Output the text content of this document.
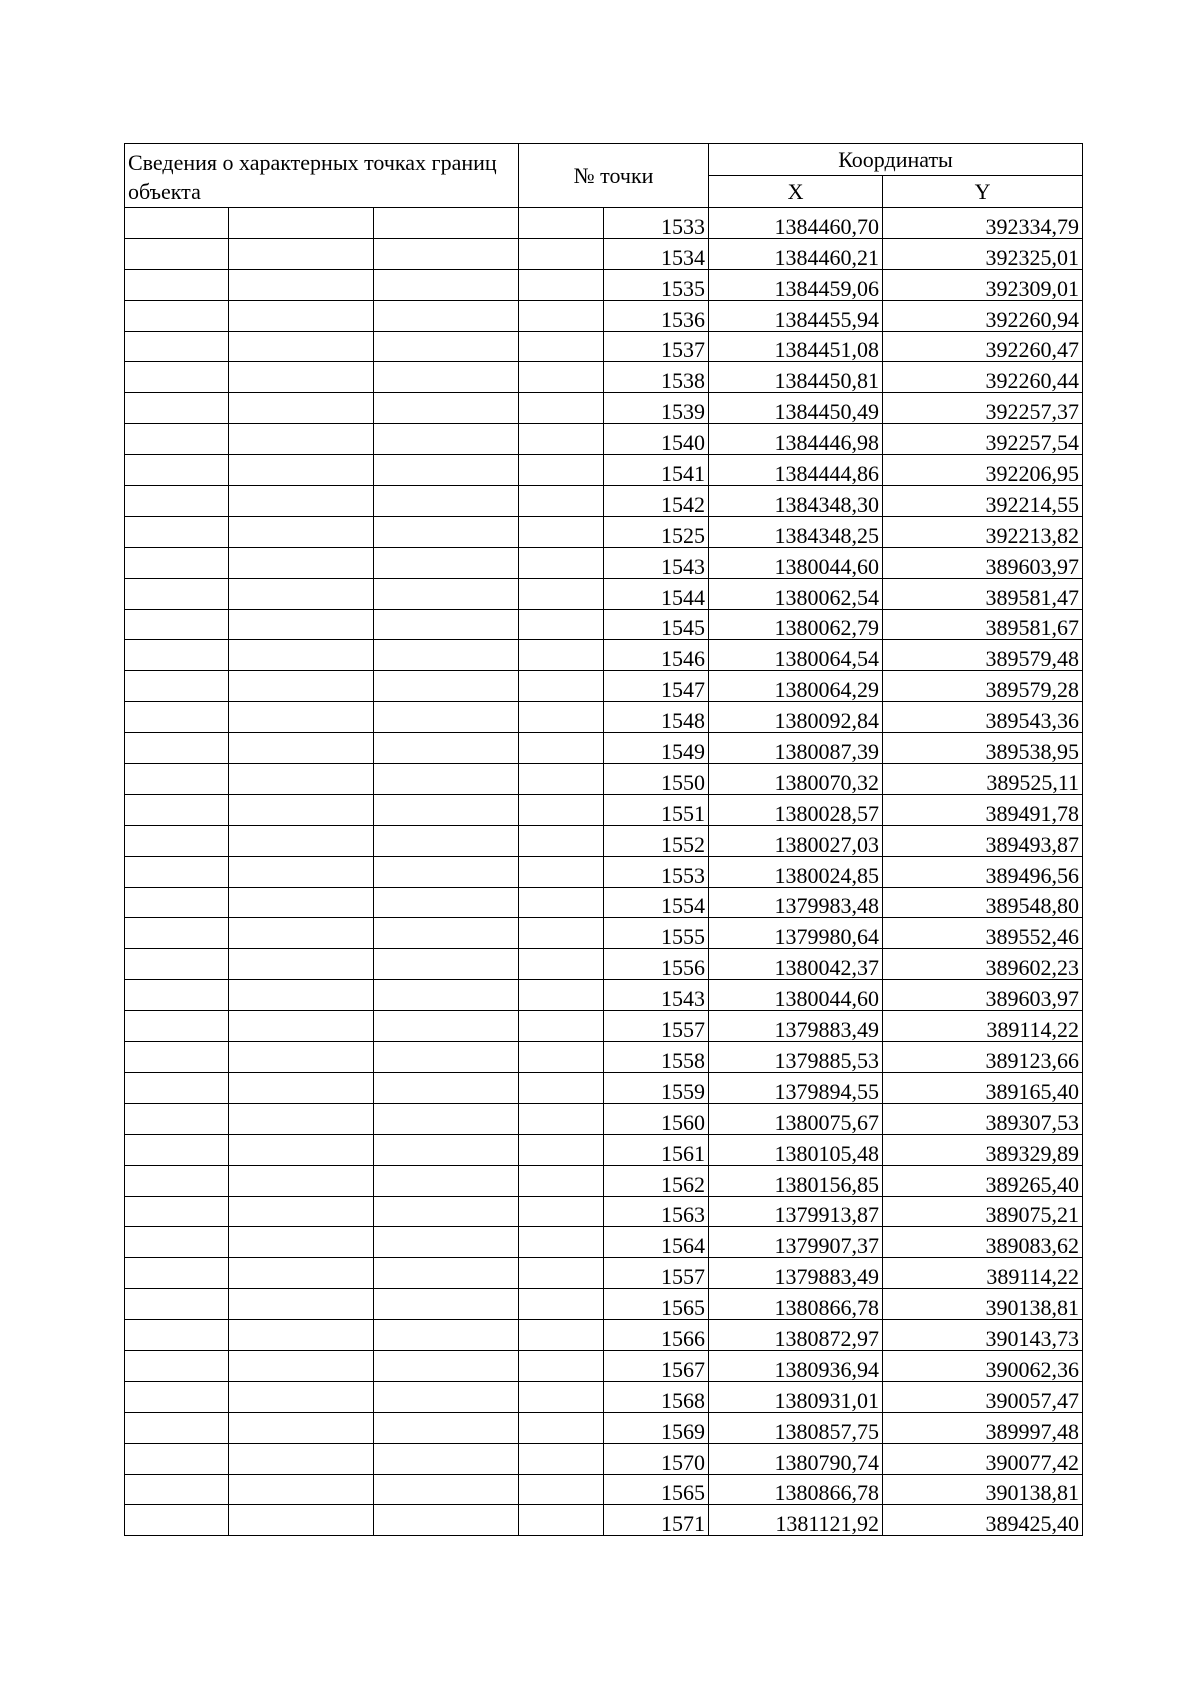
Сведения о характерных точках границ объекта			№ точки		Координаты	
					X	Y
				1533	1384460,70	392334,79
				1534	1384460,21	392325,01
				1535	1384459,06	392309,01
				1536	1384455,94	392260,94
				1537	1384451,08	392260,47
				1538	1384450,81	392260,44
				1539	1384450,49	392257,37
				1540	1384446,98	392257,54
				1541	1384444,86	392206,95
				1542	1384348,30	392214,55
				1525	1384348,25	392213,82
				1543	1380044,60	389603,97
				1544	1380062,54	389581,47
				1545	1380062,79	389581,67
				1546	1380064,54	389579,48
				1547	1380064,29	389579,28
				1548	1380092,84	389543,36
				1549	1380087,39	389538,95
				1550	1380070,32	389525,11
				1551	1380028,57	389491,78
				1552	1380027,03	389493,87
				1553	1380024,85	389496,56
				1554	1379983,48	389548,80
				1555	1379980,64	389552,46
				1556	1380042,37	389602,23
				1543	1380044,60	389603,97
				1557	1379883,49	389114,22
				1558	1379885,53	389123,66
				1559	1379894,55	389165,40
				1560	1380075,67	389307,53
				1561	1380105,48	389329,89
				1562	1380156,85	389265,40
				1563	1379913,87	389075,21
				1564	1379907,37	389083,62
				1557	1379883,49	389114,22
				1565	1380866,78	390138,81
				1566	1380872,97	390143,73
				1567	1380936,94	390062,36
				1568	1380931,01	390057,47
				1569	1380857,75	389997,48
				1570	1380790,74	390077,42
				1565	1380866,78	390138,81
				1571	1381121,92	389425,40
